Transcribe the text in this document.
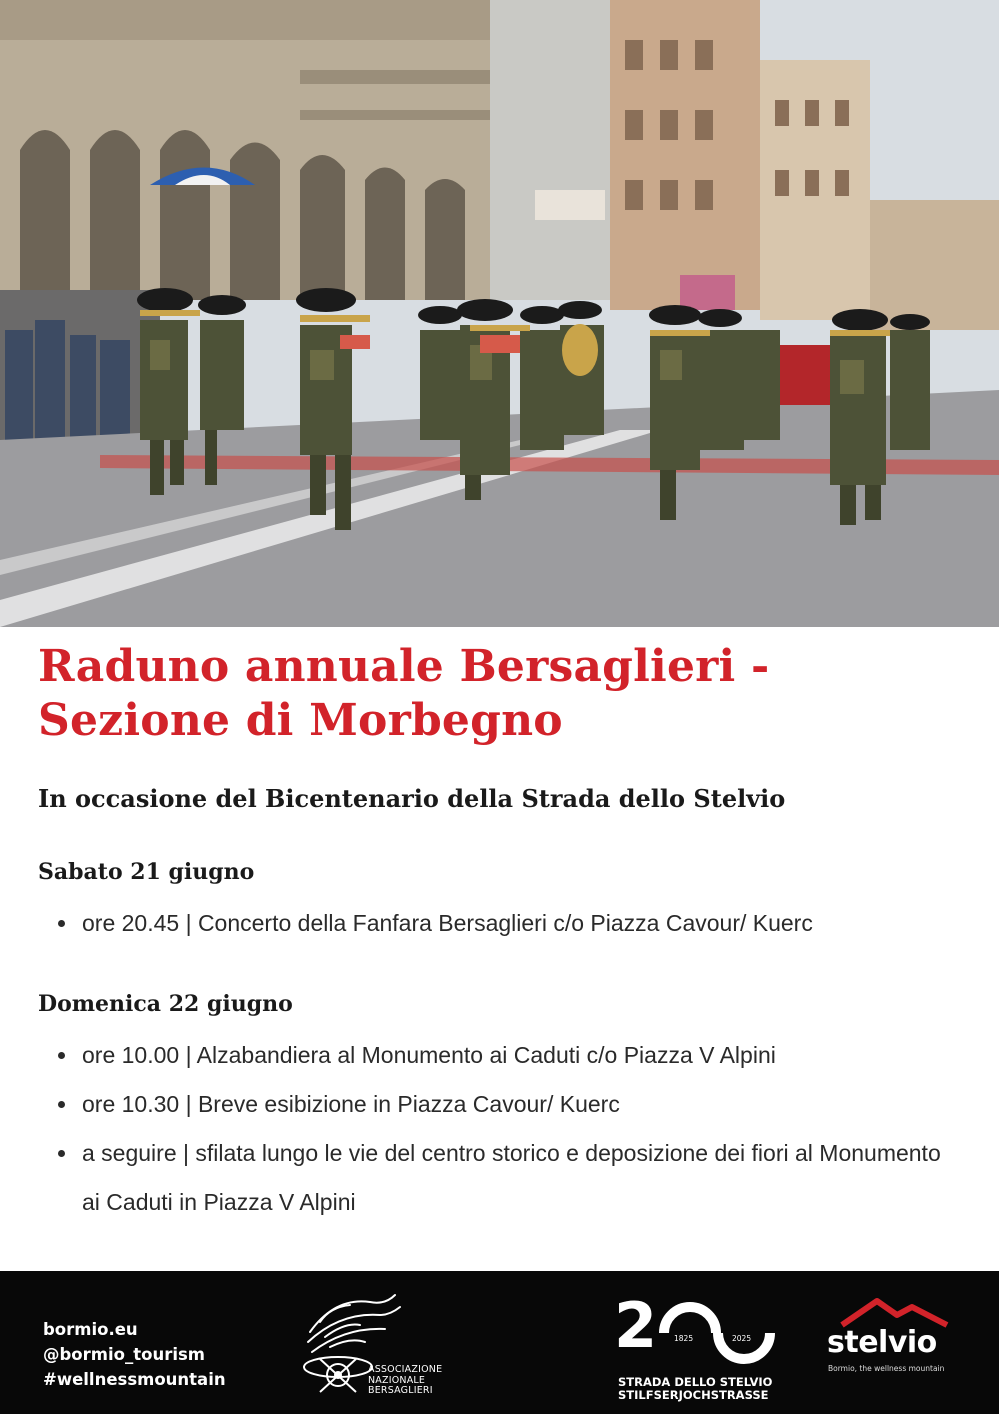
Raduno annuale Bersaglieri - Sezione di Morbegno
In occasione del Bicentenario della Strada dello Stelvio
Sabato 21 giugno
ore 20.45 | Concerto della Fanfara Bersaglieri c/o Piazza Cavour/ Kuerc
Domenica 22 giugno
ore 10.00 | Alzabandiera al Monumento ai Caduti c/o Piazza V Alpini
ore 10.30 | Breve esibizione in Piazza Cavour/ Kuerc
a seguire | sfilata lungo le vie del centro storico e deposizione dei fiori al Monumento ai Caduti in Piazza V Alpini
bormio.eu
@bormio_tourism
#wellnessmountain
ASSOCIAZIONE
NAZIONALE
BERSAGLIERI
2 1825	2025
STRADA DELLO STELVIO
STILFSERJOCHSTRASSE
stelvio
Bormio, the wellness mountain
